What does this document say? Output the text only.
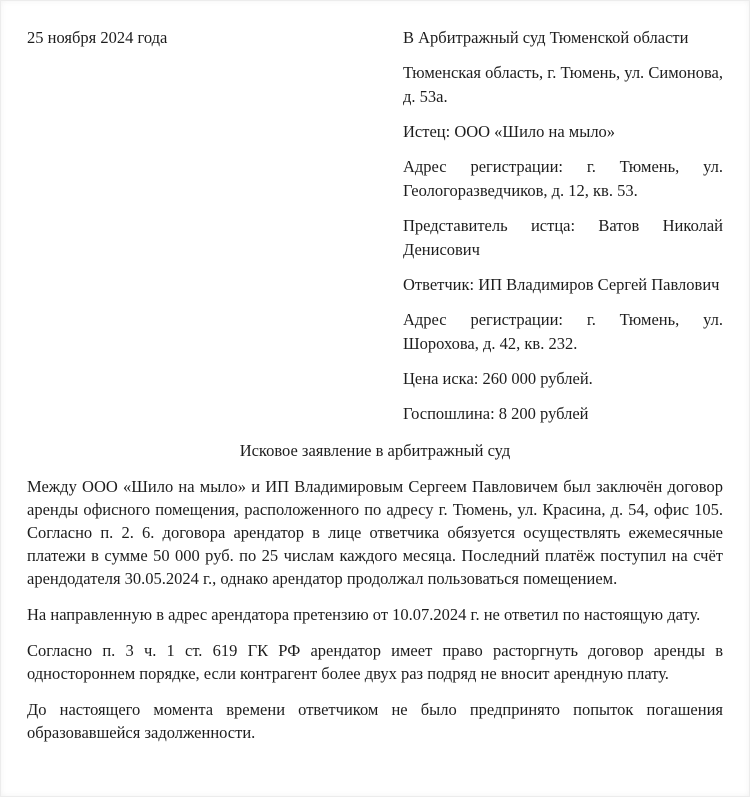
25 ноября 2024 года	В Арбитражный суд Тюменской области

Тюменская область, г. Тюмень, ул. Симонова, д. 53а.

Истец: ООО «Шило на мыло»

Адрес регистрации: г. Тюмень, ул. Геологоразведчиков, д. 12, кв. 53.

Представитель истца: Ватов Николай Денисович

Ответчик: ИП Владимиров Сергей Павлович

Адрес регистрации: г. Тюмень, ул. Шорохова, д. 42, кв. 232.

Цена иска: 260 000 рублей.

Госпошлина: 8 200 рублей

Исковое заявление в арбитражный суд

Между ООО «Шило на мыло» и ИП Владимировым Сергеем Павловичем был заключён договор аренды офисного помещения, расположенного по адресу г. Тюмень, ул. Красина, д. 54, офис 105. Согласно п. 2. 6. договора арендатор в лице ответчика обязуется осуществлять ежемесячные платежи в сумме 50 000 руб. по 25 числам каждого месяца. Последний платёж поступил на счёт арендодателя 30.05.2024 г., однако арендатор продолжал пользоваться помещением.

На направленную в адрес арендатора претензию от 10.07.2024 г. не ответил по настоящую дату.

Согласно п. 3 ч. 1 ст. 619 ГК РФ арендатор имеет право расторгнуть договор аренды в одностороннем порядке, если контрагент более двух раз подряд не вносит арендную плату.

До настоящего момента времени ответчиком не было предпринято попыток погашения образовавшейся задолженности.
